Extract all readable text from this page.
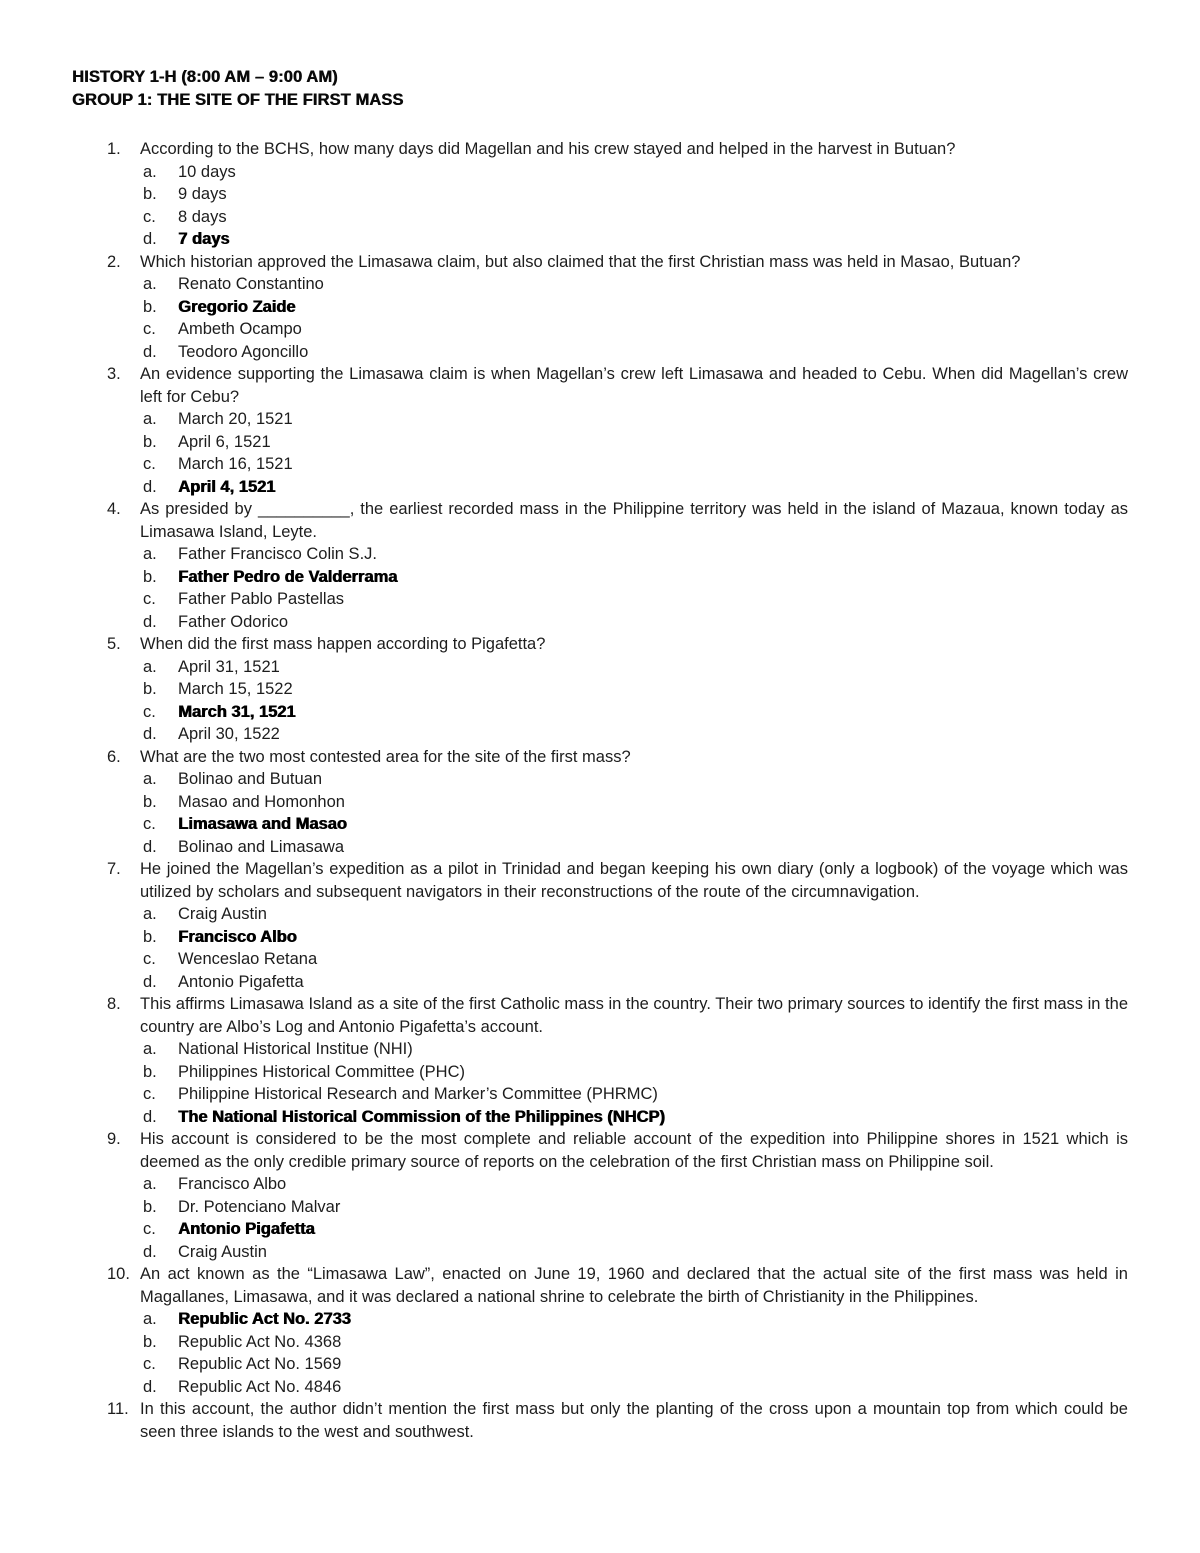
HISTORY 1-H (8:00 AM – 9:00 AM)
GROUP 1: THE SITE OF THE FIRST MASS
1.	According to the BCHS, how many days did Magellan and his crew stayed and helped in the harvest in Butuan?
a.	10 days
b.	9 days
c.	8 days
d.	7 days
2.	Which historian approved the Limasawa claim, but also claimed that the first Christian mass was held in Masao, Butuan?
a.	Renato Constantino
b.	Gregorio Zaide
c.	Ambeth Ocampo
d.	Teodoro Agoncillo
3.	An evidence supporting the Limasawa claim is when Magellan’s crew left Limasawa and headed to Cebu. When did Magellan’s crew left for Cebu?
a.	March 20, 1521
b.	April 6, 1521
c.	March 16, 1521
d.	April 4, 1521
4.	As presided by __________, the earliest recorded mass in the Philippine territory was held in the island of Mazaua, known today as Limasawa Island, Leyte.
a.	Father Francisco Colin S.J.
b.	Father Pedro de Valderrama
c.	Father Pablo Pastellas
d.	Father Odorico
5.	When did the first mass happen according to Pigafetta?
a.	April 31, 1521
b.	March 15, 1522
c.	March 31, 1521
d.	April 30, 1522
6.	What are the two most contested area for the site of the first mass?
a.	Bolinao and Butuan
b.	Masao and Homonhon
c.	Limasawa and Masao
d.	Bolinao and Limasawa
7.	He joined the Magellan’s expedition as a pilot in Trinidad and began keeping his own diary (only a logbook) of the voyage which was utilized by scholars and subsequent navigators in their reconstructions of the route of the circumnavigation.
a.	Craig Austin
b.	Francisco Albo
c.	Wenceslao Retana
d.	Antonio Pigafetta
8.	This affirms Limasawa Island as a site of the first Catholic mass in the country. Their two primary sources to identify the first mass in the country are Albo’s Log and Antonio Pigafetta’s account.
a.	National Historical Institue (NHI)
b.	Philippines Historical Committee (PHC)
c.	Philippine Historical Research and Marker’s Committee (PHRMC)
d.	The National Historical Commission of the Philippines (NHCP)
9.	His account is considered to be the most complete and reliable account of the expedition into Philippine shores in 1521 which is deemed as the only credible primary source of reports on the celebration of the first Christian mass on Philippine soil.
a.	Francisco Albo
b.	Dr. Potenciano Malvar
c.	Antonio Pigafetta
d.	Craig Austin
10. An act known as the “Limasawa Law”, enacted on June 19, 1960 and declared that the actual site of the first mass was held in Magallanes, Limasawa, and it was declared a national shrine to celebrate the birth of Christianity in the Philippines.
a.	Republic Act No. 2733
b.	Republic Act No. 4368
c.	Republic Act No. 1569
d.	Republic Act No. 4846
11. In this account, the author didn’t mention the first mass but only the planting of the cross upon a mountain top from which could be seen three islands to the west and southwest.
